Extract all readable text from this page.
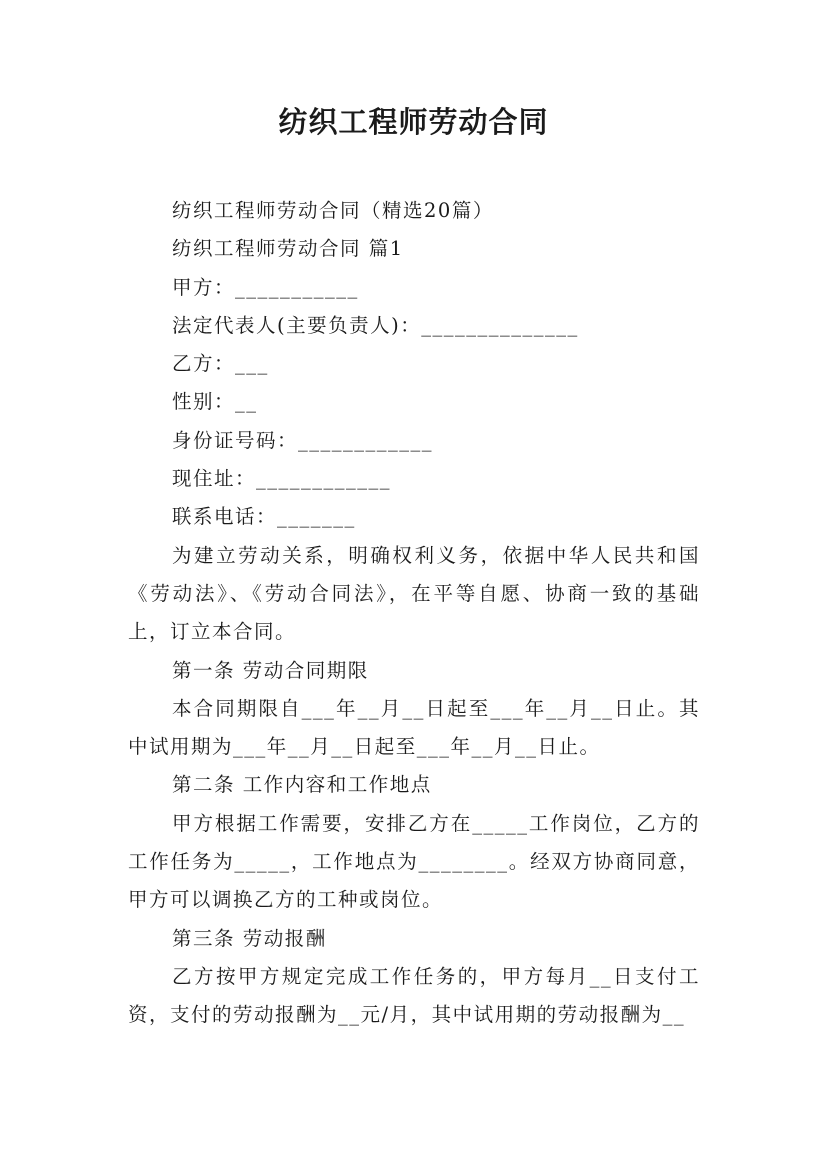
纺织工程师劳动合同

纺织工程师劳动合同（精选20篇）

纺织工程师劳动合同 篇1

甲方：___________

法定代表人(主要负责人)：______________

乙方：___

性别：__

身份证号码：____________

现住址：____________

联系电话：_______

为建立劳动关系，明确权利义务，依据中华人民共和国《劳动法》、《劳动合同法》，在平等自愿、协商一致的基础上，订立本合同。

第一条 劳动合同期限

本合同期限自___年__月__日起至___年__月__日止。其中试用期为___年__月__日起至___年__月__日止。

第二条 工作内容和工作地点

甲方根据工作需要，安排乙方在_____工作岗位，乙方的工作任务为_____，工作地点为________。经双方协商同意，甲方可以调换乙方的工种或岗位。

第三条 劳动报酬

乙方按甲方规定完成工作任务的，甲方每月__日支付工资，支付的劳动报酬为__元/月，其中试用期的劳动报酬为__
